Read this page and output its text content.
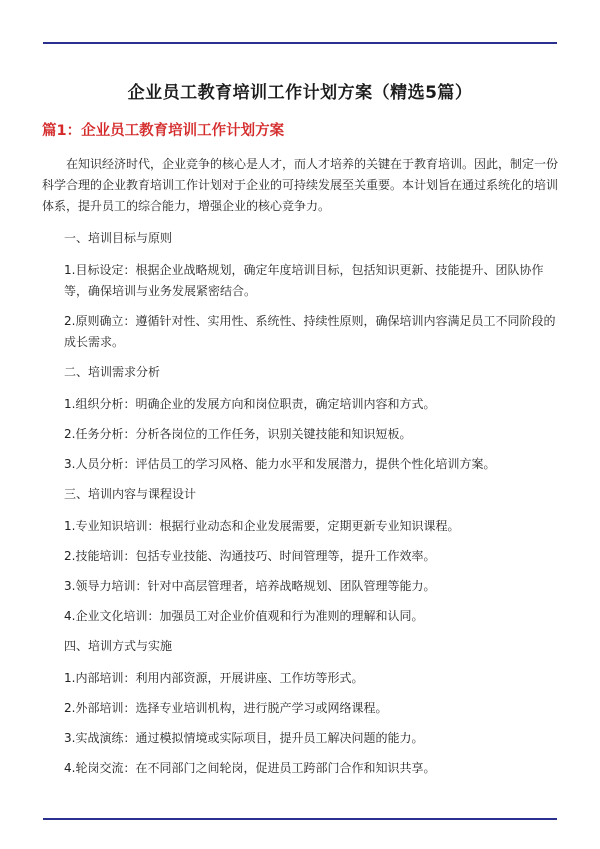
企业员工教育培训工作计划方案（精选5篇）
篇1：企业员工教育培训工作计划方案
在知识经济时代，企业竞争的核心是人才，而人才培养的关键在于教育培训。因此，制定一份科学合理的企业教育培训工作计划对于企业的可持续发展至关重要。本计划旨在通过系统化的培训体系，提升员工的综合能力，增强企业的核心竞争力。
一、培训目标与原则
1.目标设定：根据企业战略规划，确定年度培训目标，包括知识更新、技能提升、团队协作等，确保培训与业务发展紧密结合。
2.原则确立：遵循针对性、实用性、系统性、持续性原则，确保培训内容满足员工不同阶段的成长需求。
二、培训需求分析
1.组织分析：明确企业的发展方向和岗位职责，确定培训内容和方式。
2.任务分析：分析各岗位的工作任务，识别关键技能和知识短板。
3.人员分析：评估员工的学习风格、能力水平和发展潜力，提供个性化培训方案。
三、培训内容与课程设计
1.专业知识培训：根据行业动态和企业发展需要，定期更新专业知识课程。
2.技能培训：包括专业技能、沟通技巧、时间管理等，提升工作效率。
3.领导力培训：针对中高层管理者，培养战略规划、团队管理等能力。
4.企业文化培训：加强员工对企业价值观和行为准则的理解和认同。
四、培训方式与实施
1.内部培训：利用内部资源，开展讲座、工作坊等形式。
2.外部培训：选择专业培训机构，进行脱产学习或网络课程。
3.实战演练：通过模拟情境或实际项目，提升员工解决问题的能力。
4.轮岗交流：在不同部门之间轮岗，促进员工跨部门合作和知识共享。
